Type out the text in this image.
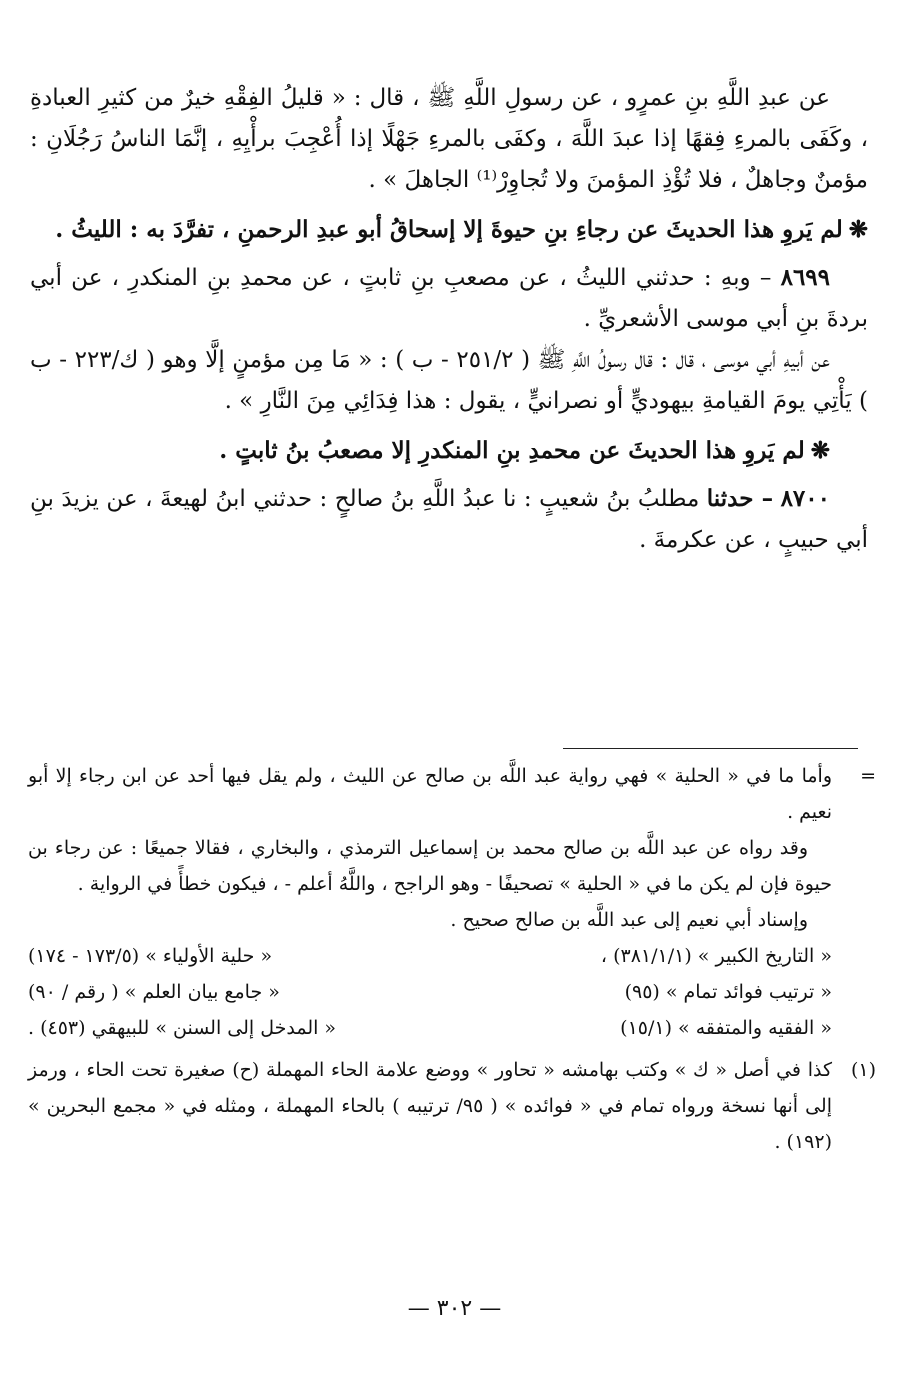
عن عبدِ اللَّهِ بنِ عمرٍو ، عن رسولِ اللَّهِ ﷺ ، قال : « قليلُ الفِقْهِ خيرٌ من كثيرِ العبادةِ ، وكَفَى بالمرءِ فِقهًا إذا عبدَ اللَّهَ ، وكفَى بالمرءِ جَهْلًا إذا أُعْجِبَ برأْيِهِ ، إنَّمَا الناسُ رَجُلَانِ : مؤمنٌ وجاهلٌ ، فلا تُؤْذِ المؤمنَ ولا تُجاوِرْ⁽¹⁾ الجاهلَ » .

❋لم يَروِ هذا الحديثَ عن رجاءِ بنِ حيوةَ إلا إسحاقُ أبو عبدِ الرحمنِ ، تفرَّدَ به : الليثُ .

٨٦٩٩ – وبهِ : حدثني الليثُ ، عن مصعبِ بنِ ثابتٍ ، عن محمدِ بنِ المنكدرِ ، عن أبي بردةَ بنِ أبي موسى الأشعريِّ .

عن أبيهِ أبي موسى ، قال : قال رسولُ اللَّهِ ﷺ ( ٢٥١/٢ - ب ) : « مَا مِن مؤمنٍ إلَّا وهو ( ك/٢٢٣ - ب ) يَأْتِي يومَ القيامةِ بيهوديٍّ أو نصرانيٍّ ، يقول : هذا فِدَائِي مِنَ النَّارِ » .

❋لم يَروِ هذا الحديثَ عن محمدِ بنِ المنكدرِ إلا مصعبُ بنُ ثابتٍ .

٨٧٠٠ – حدثنا مطلبُ بنُ شعيبٍ : نا عبدُ اللَّهِ بنُ صالحٍ : حدثني ابنُ لهيعةَ ، عن يزيدَ بنِ أبي حبيبٍ ، عن عكرمةَ .

=
وأما ما في « الحلية » فهي رواية عبد اللَّه بن صالح عن الليث ، ولم يقل فيها أحد عن ابن رجاء إلا أبو نعيم .

وقد رواه عن عبد اللَّه بن صالح محمد بن إسماعيل الترمذي ، والبخاري ، فقالا جميعًا : عن رجاء بن حيوة فإن لم يكن ما في « الحلية » تصحيفًا - وهو الراجح ، واللَّهُ أعلم - ، فيكون خطأً في الرواية .

وإسناد أبي نعيم إلى عبد اللَّه بن صالح صحيح .

« التاريخ الكبير » (٣٨١/١/١) ،
« حلية الأولياء » (١٧٣/٥ - ١٧٤)
« ترتيب فوائد تمام » (٩٥)
« جامع بيان العلم » ( رقم / ٩٠)
« الفقيه والمتفقه » (١٥/١)
« المدخل إلى السنن » للبيهقي (٤٥٣) .

(١)
كذا في أصل « ك » وكتب بهامشه « تحاور » ووضع علامة الحاء المهملة (ح) صغيرة تحت الحاء ، ورمز إلى أنها نسخة ورواه تمام في « فوائده » ( ٩٥/ ترتيبه ) بالحاء المهملة ، ومثله في « مجمع البحرين » (١٩٢) .

— ٣٠٢ —
